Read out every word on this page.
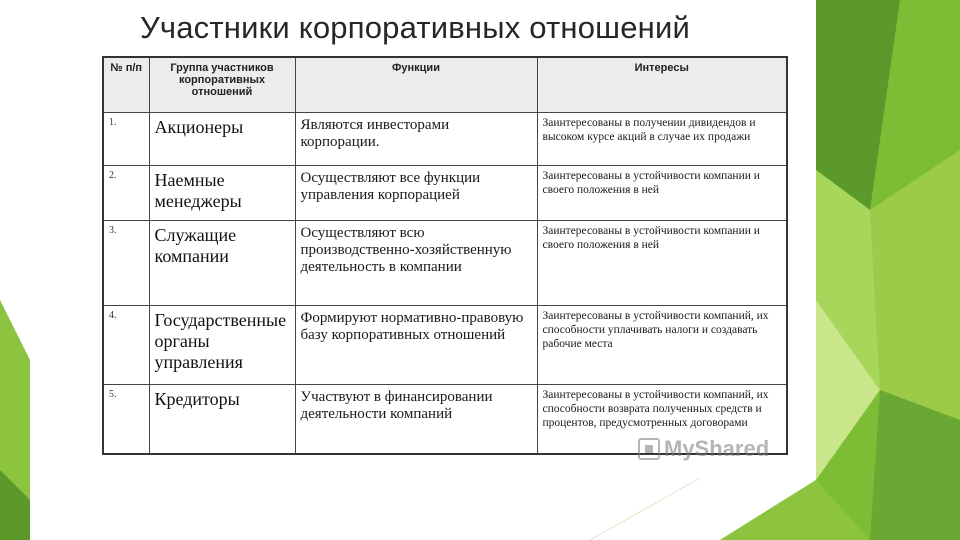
Участники корпоративных отношений
№ п/п	Группа участников корпоративных отношений	Функции	Интересы
1.	Акционеры	Являются инвесторами корпорации.	Заинтересованы в получении дивидендов и высоком курсе акций в случае их продажи
2.	Наемные менеджеры	Осуществляют все функции управления корпорацией	Заинтересованы в устойчивости компании и своего положения в ней
3.	Служащие компании	Осуществляют всю производственно-хозяйственную деятельность в компании	Заинтересованы в устойчивости компании и своего положения в ней
4.	Государственные органы управления	Формируют нормативно-правовую базу корпоративных отношений	Заинтересованы в устойчивости компаний, их способности уплачивать налоги и создавать рабочие места
5.	Кредиторы	Участвуют в финансировании деятельности компаний	Заинтересованы в устойчивости компаний, их способности возврата полученных средств и процентов, предусмотренных договорами
MyShared
